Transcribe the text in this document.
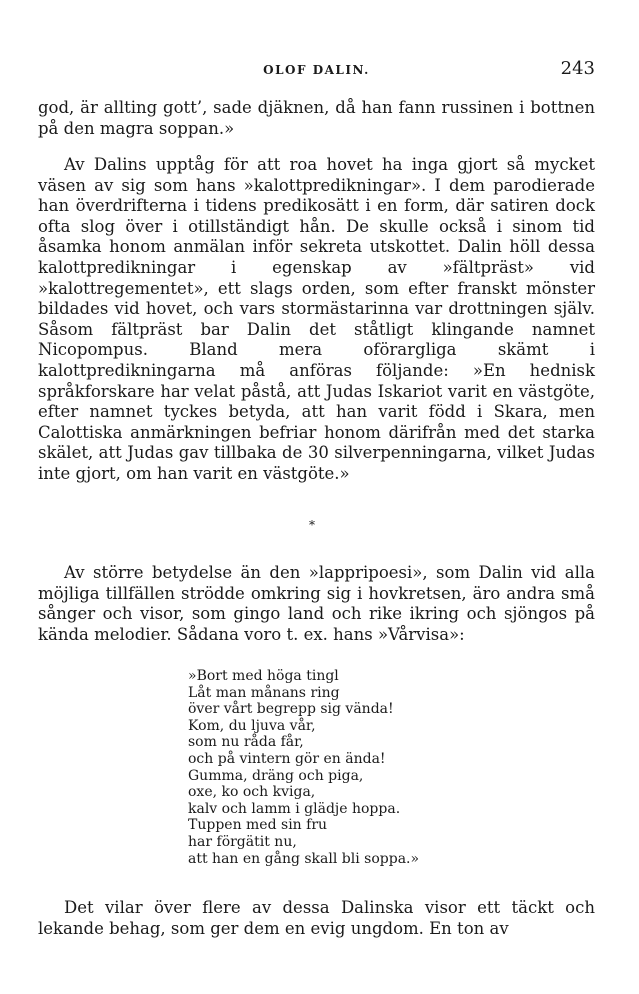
OLOF DALIN.	243

god, är allting gott’, sade djäknen, då han fann russinen i bottnen på den magra soppan.»

Av Dalins upptåg för att roa hovet ha inga gjort så mycket väsen av sig som hans »kalottpredikningar». I dem parodierade han överdrifterna i tidens predikosätt i en form, där satiren dock ofta slog över i otillständigt hån. De skulle också i sinom tid åsamka honom anmälan inför sekreta utskottet. Dalin höll dessa kalottpredikningar i egenskap av »fältpräst» vid »kalottregementet», ett slags orden, som efter franskt mönster bildades vid hovet, och vars stormästarinna var drottningen själv. Såsom fältpräst bar Dalin det ståtligt klingande namnet Nicopompus. Bland mera oförargliga skämt i kalottpredikningarna må anföras följande: »En hednisk språkforskare har velat påstå, att Judas Iskariot varit en västgöte, efter namnet tyckes betyda, att han varit född i Skara, men Calottiska anmärkningen befriar honom därifrån med det starka skälet, att Judas gav tillbaka de 30 silverpenningarna, vilket Judas inte gjort, om han varit en västgöte.»

*

Av större betydelse än den »lappripoesi», som Dalin vid alla möjliga tillfällen strödde omkring sig i hovkretsen, äro andra små sånger och visor, som gingo land och rike ikring och sjöngos på kända melodier. Sådana voro t. ex. hans »Vårvisa»:

»Bort med höga tingl
Låt man månans ring
över vårt begrepp sig vända!
Kom, du ljuva vår,
som nu råda får,
och på vintern gör en ända!
Gumma, dräng och piga,
oxe, ko och kviga,
kalv och lamm i glädje hoppa.
Tuppen med sin fru
har förgätit nu,
att han en gång skall bli soppa.»

Det vilar över flere av dessa Dalinska visor ett täckt och lekande behag, som ger dem en evig ungdom. En ton av
